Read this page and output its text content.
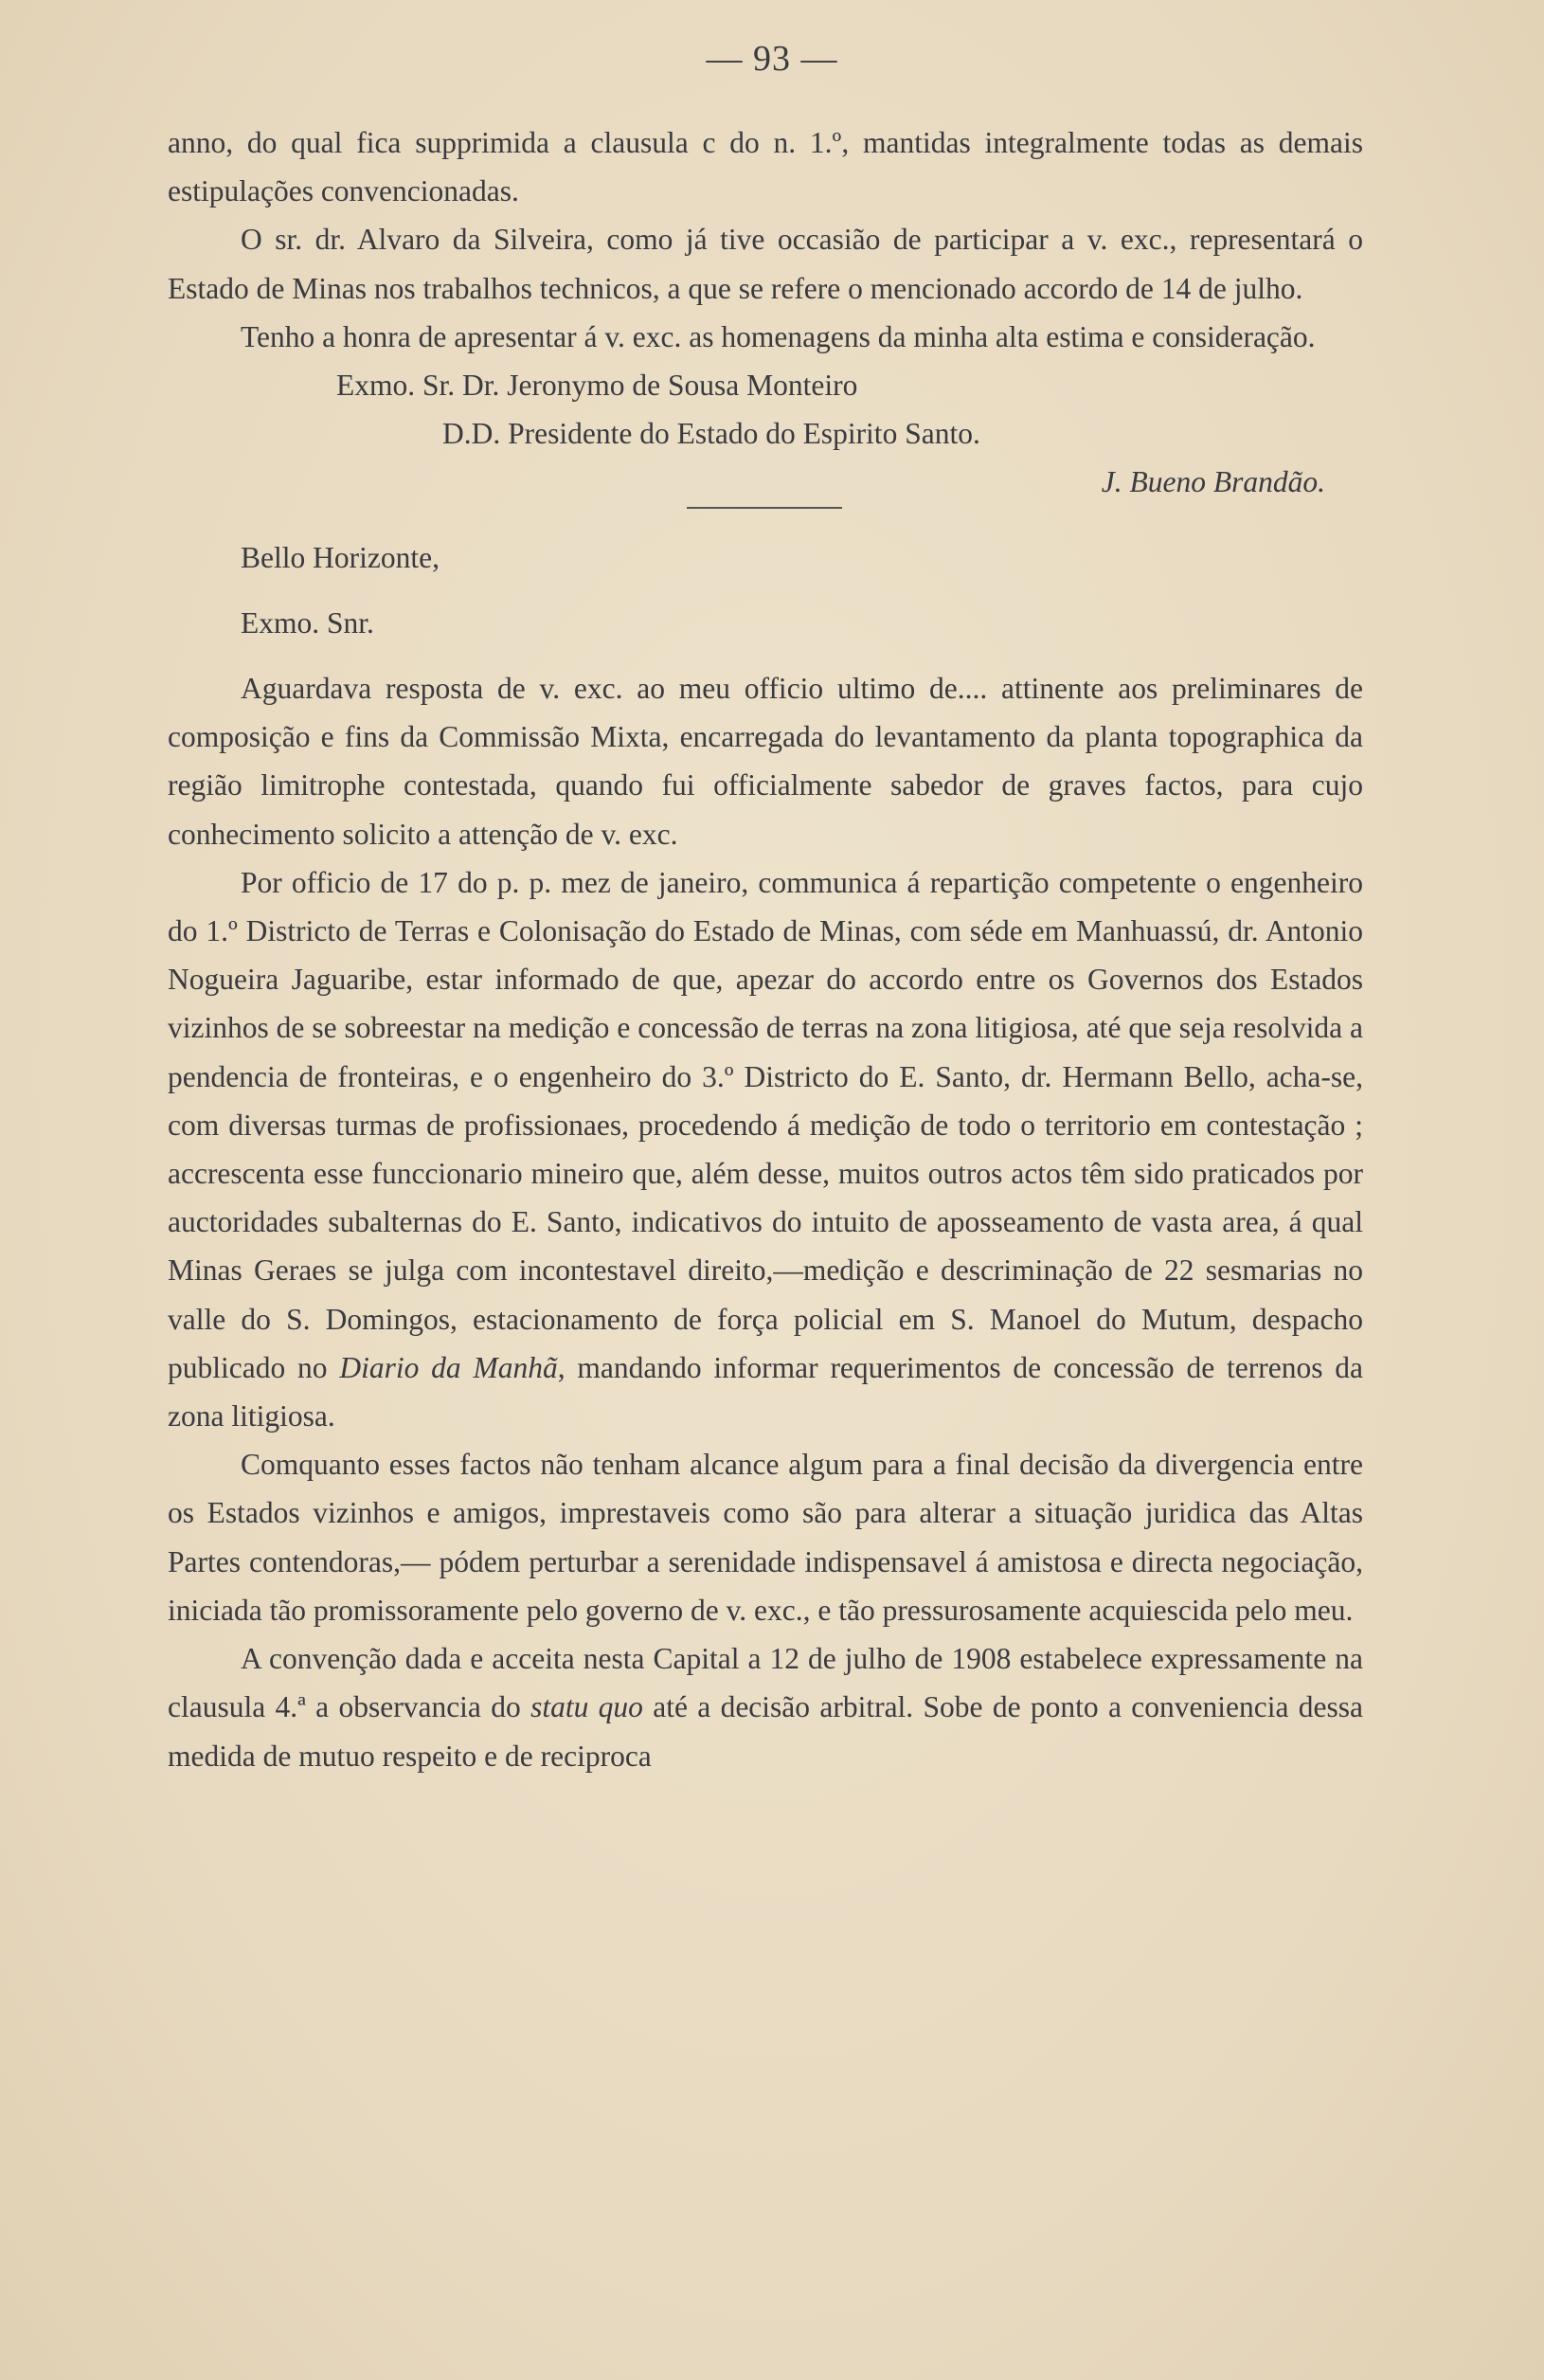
— 93 —

anno, do qual fica supprimida a clausula c do n. 1.º, mantidas integralmente todas as demais estipulações convencionadas.

O sr. dr. Alvaro da Silveira, como já tive occasião de participar a v. exc., representará o Estado de Minas nos trabalhos technicos, a que se refere o mencionado accordo de 14 de julho.

Tenho a honra de apresentar á v. exc. as homenagens da minha alta estima e consideração.

Exmo. Sr. Dr. Jeronymo de Sousa Monteiro

D.D. Presidente do Estado do Espirito Santo.

J. Bueno Brandão.

Bello Horizonte,

Exmo. Snr.

Aguardava resposta de v. exc. ao meu officio ultimo de.... attinente aos preliminares de composição e fins da Commissão Mixta, encarregada do levantamento da planta topographica da região limitrophe contestada, quando fui officialmente sabedor de graves factos, para cujo conhecimento solicito a attenção de v. exc.

Por officio de 17 do p. p. mez de janeiro, communica á repartição competente o engenheiro do 1.º Districto de Terras e Colonisação do Estado de Minas, com séde em Manhuassú, dr. Antonio Nogueira Jaguaribe, estar informado de que, apezar do accordo entre os Governos dos Estados vizinhos de se sobreestar na medição e concessão de terras na zona litigiosa, até que seja resolvida a pendencia de fronteiras, e o engenheiro do 3.º Districto do E. Santo, dr. Hermann Bello, acha-se, com diversas turmas de profissionaes, procedendo á medição de todo o territorio em contestação ; accrescenta esse funccionario mineiro que, além desse, muitos outros actos têm sido praticados por auctoridades subalternas do E. Santo, indicativos do intuito de aposseamento de vasta area, á qual Minas Geraes se julga com incontestavel direito,—medição e descriminação de 22 sesmarias no valle do S. Domingos, estacionamento de força policial em S. Manoel do Mutum, despacho publicado no Diario da Manhã, mandando informar requerimentos de concessão de terrenos da zona litigiosa.

Comquanto esses factos não tenham alcance algum para a final decisão da divergencia entre os Estados vizinhos e amigos, imprestaveis como são para alterar a situação juridica das Altas Partes contendoras,— pódem perturbar a serenidade indispensavel á amistosa e directa negociação, iniciada tão promissoramente pelo governo de v. exc., e tão pressurosamente acquiescida pelo meu.

A convenção dada e acceita nesta Capital a 12 de julho de 1908 estabelece expressamente na clausula 4.ª a observancia do statu quo até a decisão arbitral. Sobe de ponto a conveniencia dessa medida de mutuo respeito e de reciproca
